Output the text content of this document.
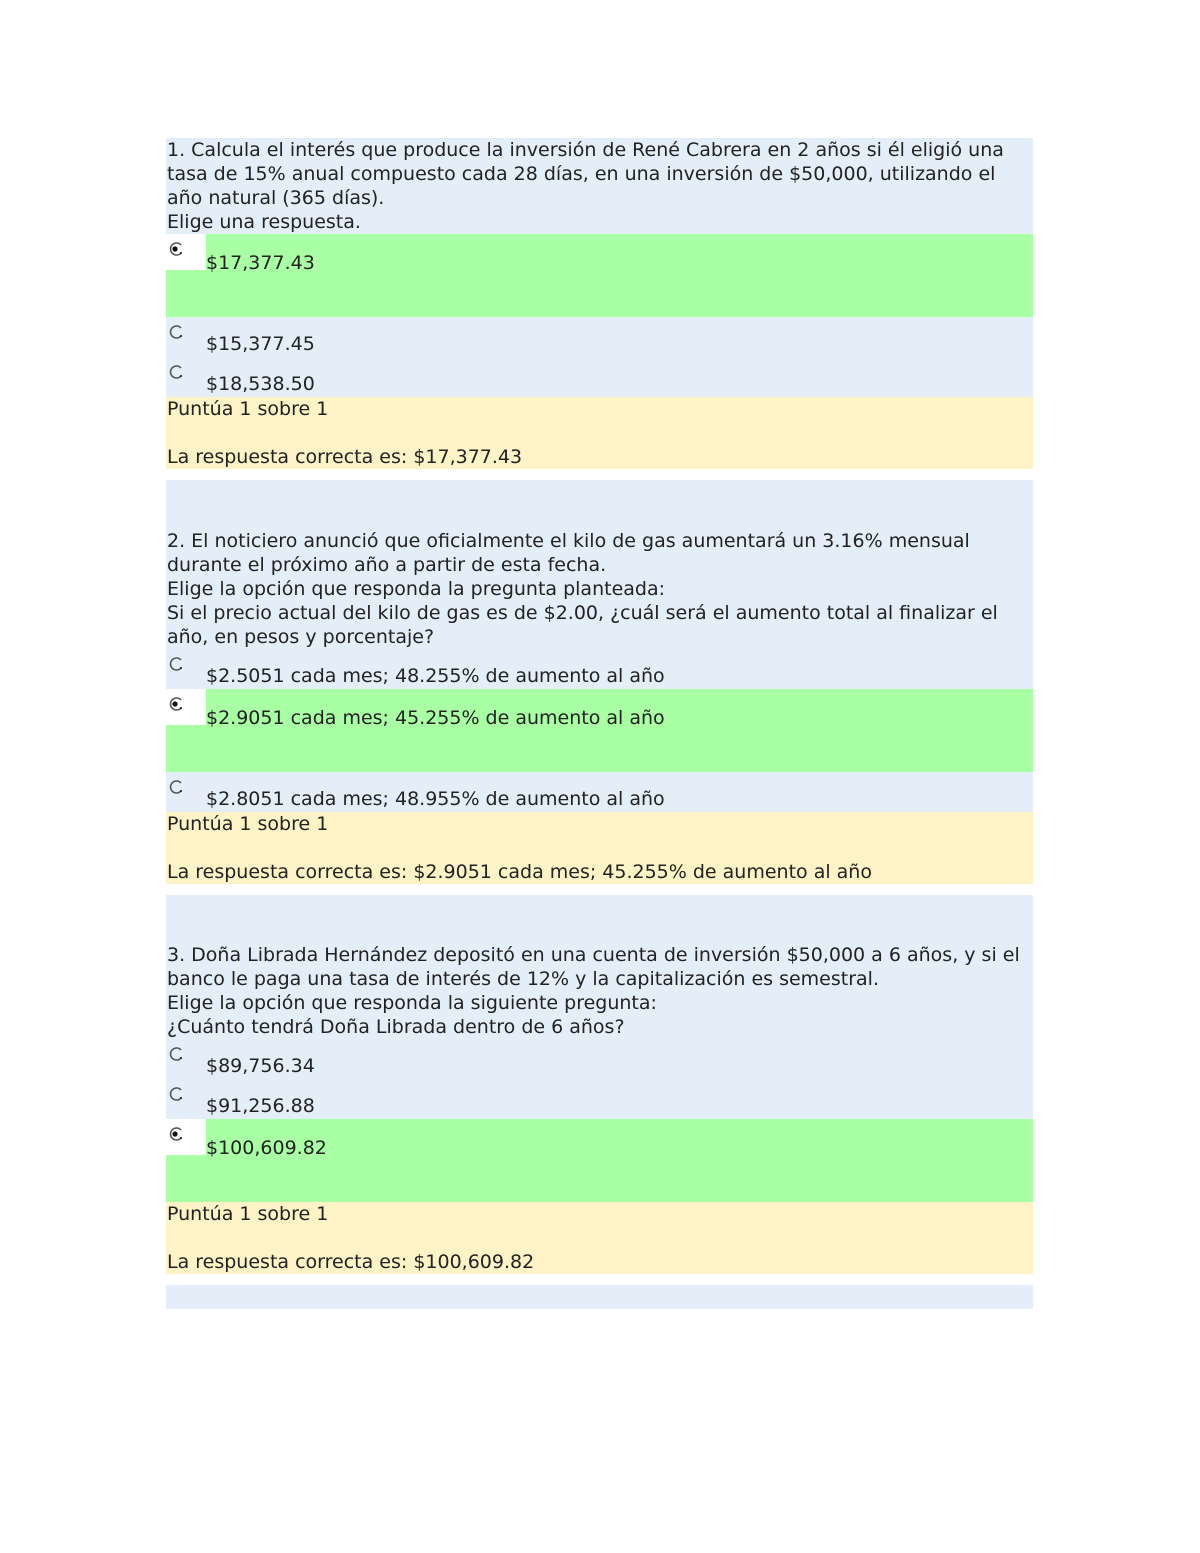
1. Calcula el interés que produce la inversión de René Cabrera en 2 años si él eligió una tasa de 15% anual compuesto cada 28 días, en una inversión de $50,000, utilizando el año natural (365 días).
Elige una respuesta.
$17,377.43
$15,377.45
$18,538.50
Puntúa 1 sobre 1
La respuesta correcta es: $17,377.43
2. El noticiero anunció que oficialmente el kilo de gas aumentará un 3.16% mensual durante el próximo año a partir de esta fecha.
Elige la opción que responda la pregunta planteada:
Si el precio actual del kilo de gas es de $2.00, ¿cuál será el aumento total al finalizar el año, en pesos y porcentaje?
$2.5051 cada mes; 48.255% de aumento al año
$2.9051 cada mes; 45.255% de aumento al año
$2.8051 cada mes; 48.955% de aumento al año
Puntúa 1 sobre 1
La respuesta correcta es: $2.9051 cada mes; 45.255% de aumento al año
3. Doña Librada Hernández depositó en una cuenta de inversión $50,000 a 6 años, y si el banco le paga una tasa de interés de 12% y la capitalización es semestral.
Elige la opción que responda la siguiente pregunta:
¿Cuánto tendrá Doña Librada dentro de 6 años?
$89,756.34
$91,256.88
$100,609.82
Puntúa 1 sobre 1
La respuesta correcta es: $100,609.82
